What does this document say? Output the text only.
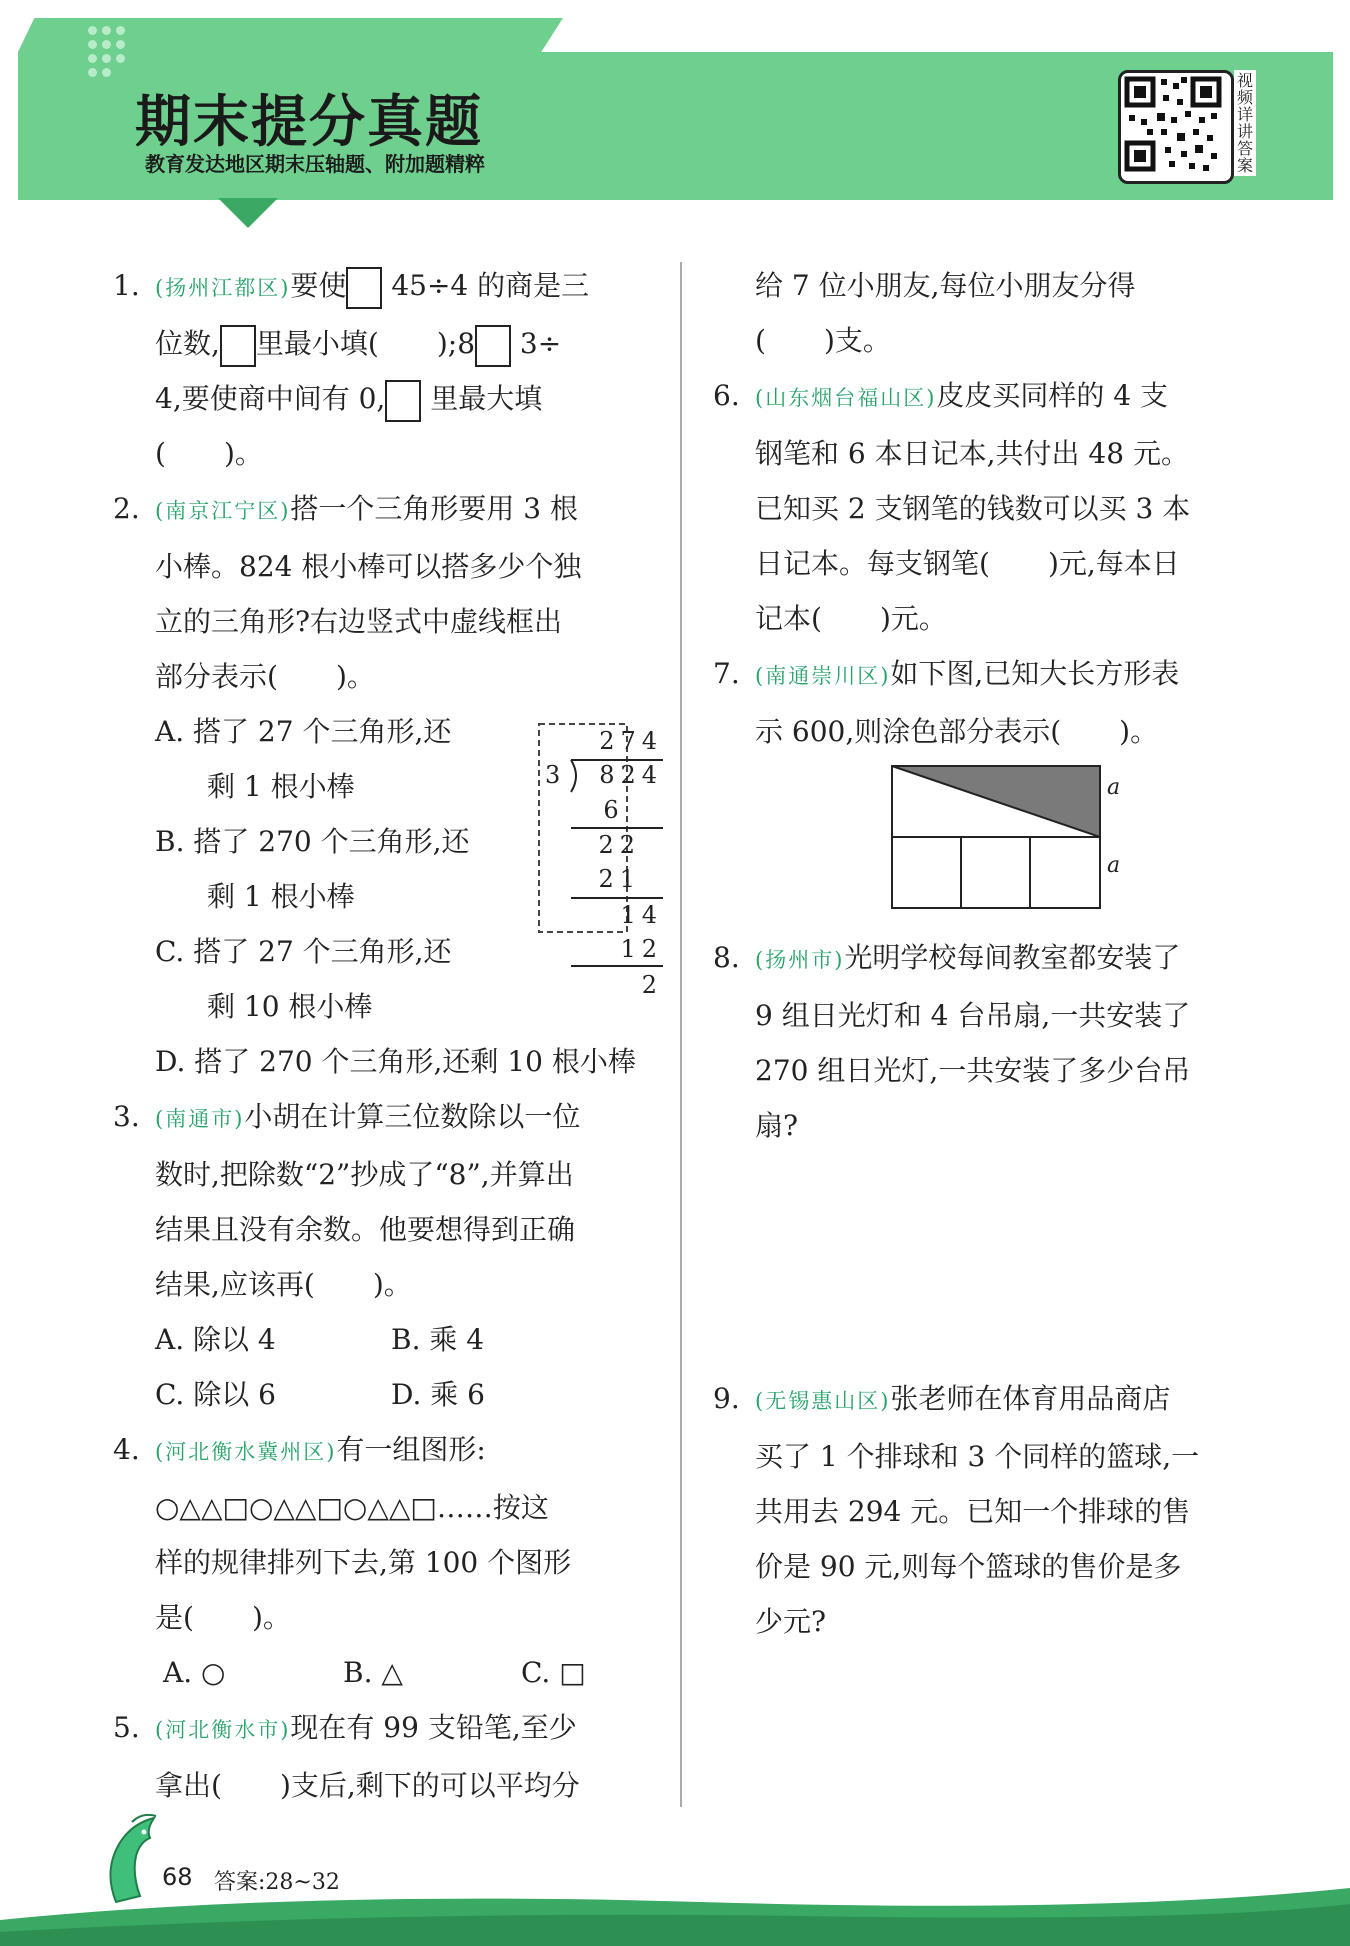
期末提分真题
教育发达地区期末压轴题、附加题精粹
视频详讲答案
1. (扬州江都区)要使 45÷4 的商是三
位数, 里最小填( );8 3÷
4,要使商中间有 0, 里最大填
( )。
2. (南京江宁区)搭一个三角形要用 3 根
小棒。824 根小棒可以搭多少个独
立的三角形?右边竖式中虚线框出
部分表示( )。

A. 搭了 27 个三角形,还
剩 1 根小棒
B. 搭了 270 个三角形,还
剩 1 根小棒
C. 搭了 27 个三角形,还
剩 10 根小棒
D. 搭了 270 个三角形,还剩 10 根小棒
3. (南通市)小胡在计算三位数除以一位
数时,把除数“2”抄成了“8”,并算出
结果且没有余数。他要想得到正确
结果,应该再( )。
A. 除以 4	B. 乘 4
C. 除以 6	D. 乘 6
4. (河北衡水冀州区)有一组图形:
○△△□○△△□○△△□……按这
样的规律排列下去,第 100 个图形
是( )。
A. ○	B. △	C. □
5. (河北衡水市)现在有 99 支铅笔,至少
拿出( )支后,剩下的可以平均分
274
3	824
6
22
21
14
12
2
给 7 位小朋友,每位小朋友分得
( )支。
6. (山东烟台福山区)皮皮买同样的 4 支
钢笔和 6 本日记本,共付出 48 元。
已知买 2 支钢笔的钱数可以买 3 本
日记本。每支钢笔( )元,每本日
记本( )元。
7. (南通崇川区)如下图,已知大长方形表
示 600,则涂色部分表示( )。
a
a
8. (扬州市)光明学校每间教室都安装了
9 组日光灯和 4 台吊扇,一共安装了
270 组日光灯,一共安装了多少台吊
扇?
9. (无锡惠山区)张老师在体育用品商店
买了 1 个排球和 3 个同样的篮球,一
共用去 294 元。已知一个排球的售
价是 90 元,则每个篮球的售价是多
少元?
68 答案:28~32
